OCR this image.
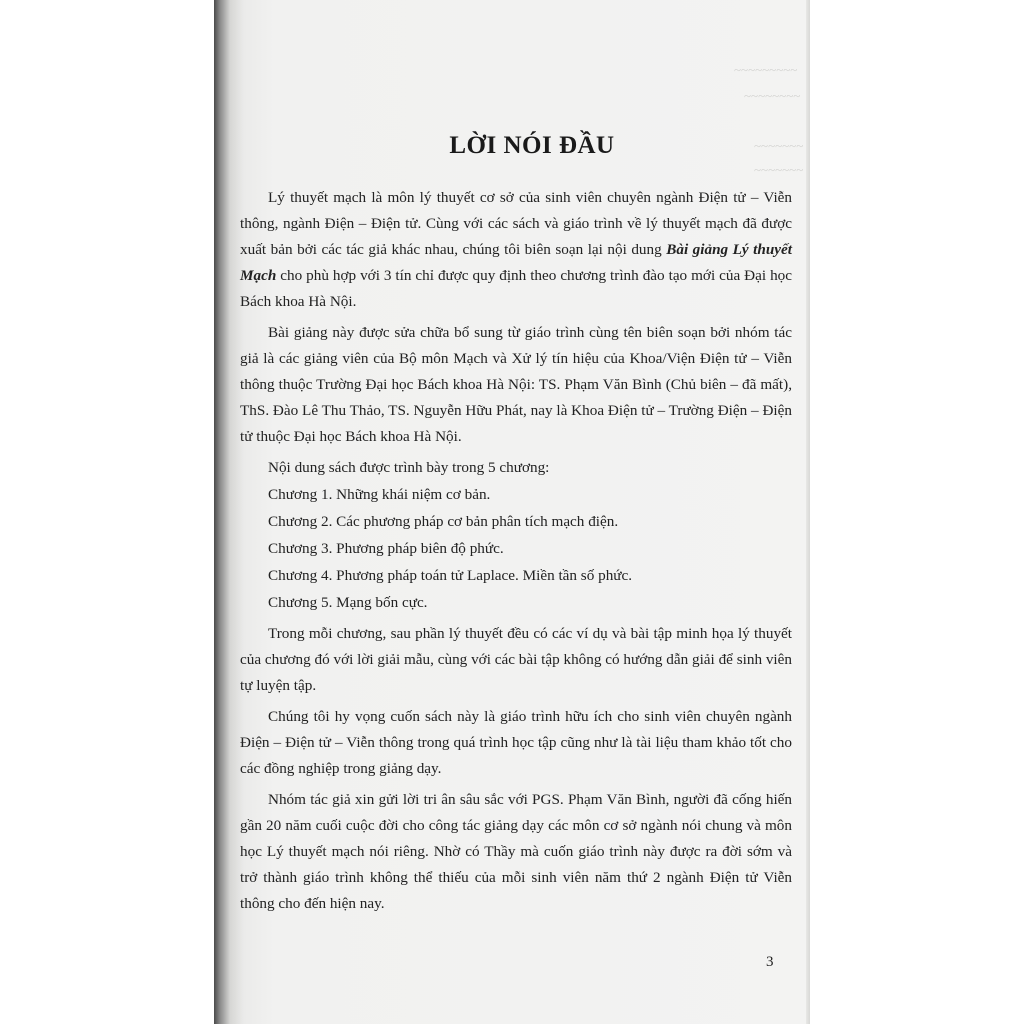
~~~~~~~~~
~~~~~~~~
~~~~~~~
~~~~~~~
LỜI NÓI ĐẦU

Lý thuyết mạch là môn lý thuyết cơ sở của sinh viên chuyên ngành Điện tử – Viễn thông, ngành Điện – Điện tử. Cùng với các sách và giáo trình về lý thuyết mạch đã được xuất bản bởi các tác giả khác nhau, chúng tôi biên soạn lại nội dung Bài giảng Lý thuyết Mạch cho phù hợp với 3 tín chỉ được quy định theo chương trình đào tạo mới của Đại học Bách khoa Hà Nội.

Bài giảng này được sửa chữa bổ sung từ giáo trình cùng tên biên soạn bởi nhóm tác giả là các giảng viên của Bộ môn Mạch và Xử lý tín hiệu của Khoa/Viện Điện tử – Viễn thông thuộc Trường Đại học Bách khoa Hà Nội: TS. Phạm Văn Bình (Chủ biên – đã mất), ThS. Đào Lê Thu Thảo, TS. Nguyễn Hữu Phát, nay là Khoa Điện tử – Trường Điện – Điện tử thuộc Đại học Bách khoa Hà Nội.

Nội dung sách được trình bày trong 5 chương:

Chương 1. Những khái niệm cơ bản.

Chương 2. Các phương pháp cơ bản phân tích mạch điện.

Chương 3. Phương pháp biên độ phức.

Chương 4. Phương pháp toán tử Laplace. Miền tần số phức.

Chương 5. Mạng bốn cực.

Trong mỗi chương, sau phần lý thuyết đều có các ví dụ và bài tập minh họa lý thuyết của chương đó với lời giải mẫu, cùng với các bài tập không có hướng dẫn giải để sinh viên tự luyện tập.

Chúng tôi hy vọng cuốn sách này là giáo trình hữu ích cho sinh viên chuyên ngành Điện – Điện tử – Viễn thông trong quá trình học tập cũng như là tài liệu tham khảo tốt cho các đồng nghiệp trong giảng dạy.

Nhóm tác giả xin gửi lời tri ân sâu sắc với PGS. Phạm Văn Bình, người đã cống hiến gần 20 năm cuối cuộc đời cho công tác giảng dạy các môn cơ sở ngành nói chung và môn học Lý thuyết mạch nói riêng. Nhờ có Thầy mà cuốn giáo trình này được ra đời sớm và trở thành giáo trình không thể thiếu của mỗi sinh viên năm thứ 2 ngành Điện tử Viễn thông cho đến hiện nay.

3
